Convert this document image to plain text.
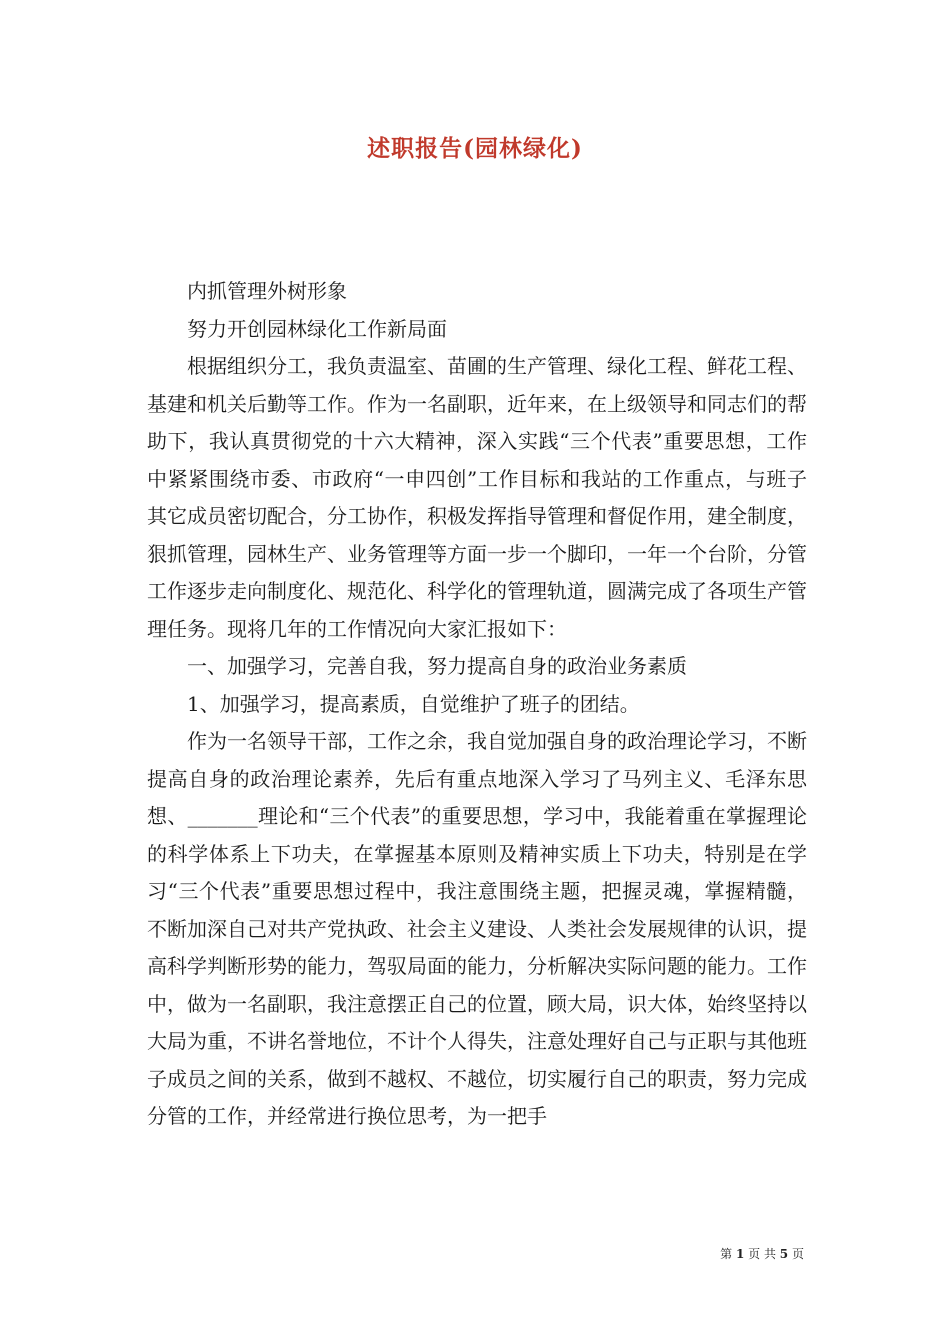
述职报告(园林绿化)

内抓管理外树形象

努力开创园林绿化工作新局面

根据组织分工，我负责温室、苗圃的生产管理、绿化工程、鲜花工程、基建和机关后勤等工作。作为一名副职，近年来，在上级领导和同志们的帮助下，我认真贯彻党的十六大精神，深入实践“三个代表”重要思想，工作中紧紧围绕市委、市政府“一申四创”工作目标和我站的工作重点，与班子其它成员密切配合，分工协作，积极发挥指导管理和督促作用，建全制度，狠抓管理，园林生产、业务管理等方面一步一个脚印，一年一个台阶，分管工作逐步走向制度化、规范化、科学化的管理轨道，圆满完成了各项生产管理任务。现将几年的工作情况向大家汇报如下：

一、加强学习，完善自我，努力提高自身的政治业务素质

1、加强学习，提高素质，自觉维护了班子的团结。

作为一名领导干部，工作之余，我自觉加强自身的政治理论学习，不断提高自身的政治理论素养，先后有重点地深入学习了马列主义、毛泽东思想、_______理论和“三个代表”的重要思想，学习中，我能着重在掌握理论的科学体系上下功夫，在掌握基本原则及精神实质上下功夫，特别是在学习“三个代表”重要思想过程中，我注意围绕主题，把握灵魂，掌握精髓，不断加深自己对共产党执政、社会主义建设、人类社会发展规律的认识，提高科学判断形势的能力，驾驭局面的能力，分析解决实际问题的能力。工作中，做为一名副职，我注意摆正自己的位置，顾大局，识大体，始终坚持以大局为重，不讲名誉地位，不计个人得失，注意处理好自己与正职与其他班子成员之间的关系，做到不越权、不越位，切实履行自己的职责，努力完成分管的工作，并经常进行换位思考，为一把手

第 1 页 共 5 页
